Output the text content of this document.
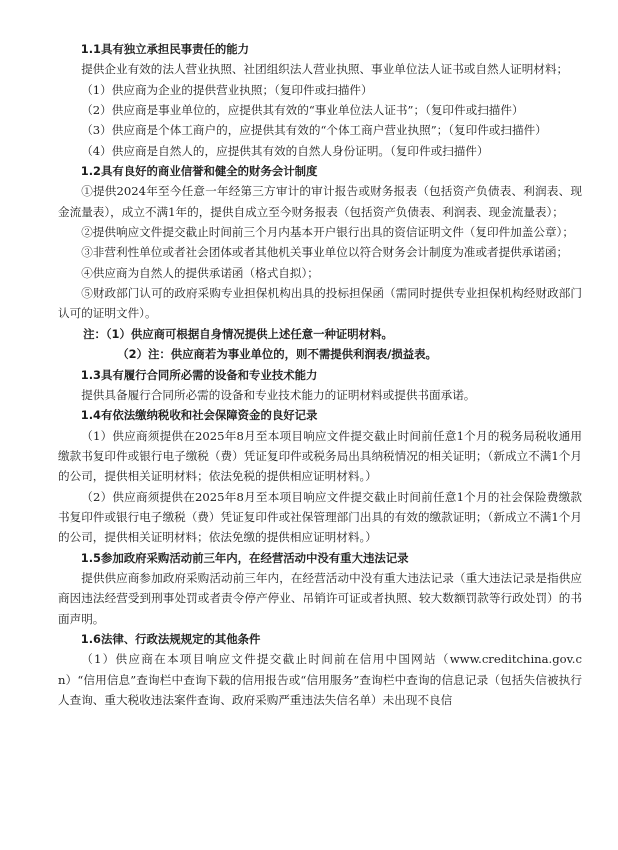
1.1具有独立承担民事责任的能力

提供企业有效的法人营业执照、社团组织法人营业执照、事业单位法人证书或自然人证明材料；

（1）供应商为企业的提供营业执照；（复印件或扫描件）

（2）供应商是事业单位的，应提供其有效的“事业单位法人证书”；（复印件或扫描件）

（3）供应商是个体工商户的，应提供其有效的“个体工商户营业执照”；（复印件或扫描件）

（4）供应商是自然人的，应提供其有效的自然人身份证明。（复印件或扫描件）

1.2具有良好的商业信誉和健全的财务会计制度

①提供2024年至今任意一年经第三方审计的审计报告或财务报表（包括资产负债表、利润表、现金流量表），成立不满1年的，提供自成立至今财务报表（包括资产负债表、利润表、现金流量表）；

②提供响应文件提交截止时间前三个月内基本开户银行出具的资信证明文件（复印件加盖公章）；

③非营利性单位或者社会团体或者其他机关事业单位以符合财务会计制度为准或者提供承诺函；

④供应商为自然人的提供承诺函（格式自拟）；

⑤财政部门认可的政府采购专业担保机构出具的投标担保函（需同时提供专业担保机构经财政部门认可的证明文件）。

注：（1）供应商可根据自身情况提供上述任意一种证明材料。

（2）注：供应商若为事业单位的，则不需提供利润表/损益表。

1.3具有履行合同所必需的设备和专业技术能力

提供具备履行合同所必需的设备和专业技术能力的证明材料或提供书面承诺。

1.4有依法缴纳税收和社会保障资金的良好记录

（1）供应商须提供在2025年8月至本项目响应文件提交截止时间前任意1个月的税务局税收通用缴款书复印件或银行电子缴税（费）凭证复印件或税务局出具纳税情况的相关证明；（新成立不满1个月的公司，提供相关证明材料；依法免税的提供相应证明材料。）

（2）供应商须提供在2025年8月至本项目响应文件提交截止时间前任意1个月的社会保险费缴款书复印件或银行电子缴税（费）凭证复印件或社保管理部门出具的有效的缴款证明；（新成立不满1个月的公司，提供相关证明材料；依法免缴的提供相应证明材料。）

1.5参加政府采购活动前三年内，在经营活动中没有重大违法记录

提供供应商参加政府采购活动前三年内，在经营活动中没有重大违法记录（重大违法记录是指供应商因违法经营受到刑事处罚或者责令停产停业、吊销许可证或者执照、较大数额罚款等行政处罚）的书面声明。

1.6法律、行政法规规定的其他条件

（1）供应商在本项目响应文件提交截止时间前在信用中国网站（www.creditchina.gov.cn）“信用信息”查询栏中查询下载的信用报告或“信用服务”查询栏中查询的信息记录（包括失信被执行人查询、重大税收违法案件查询、政府采购严重违法失信名单）未出现不良信
